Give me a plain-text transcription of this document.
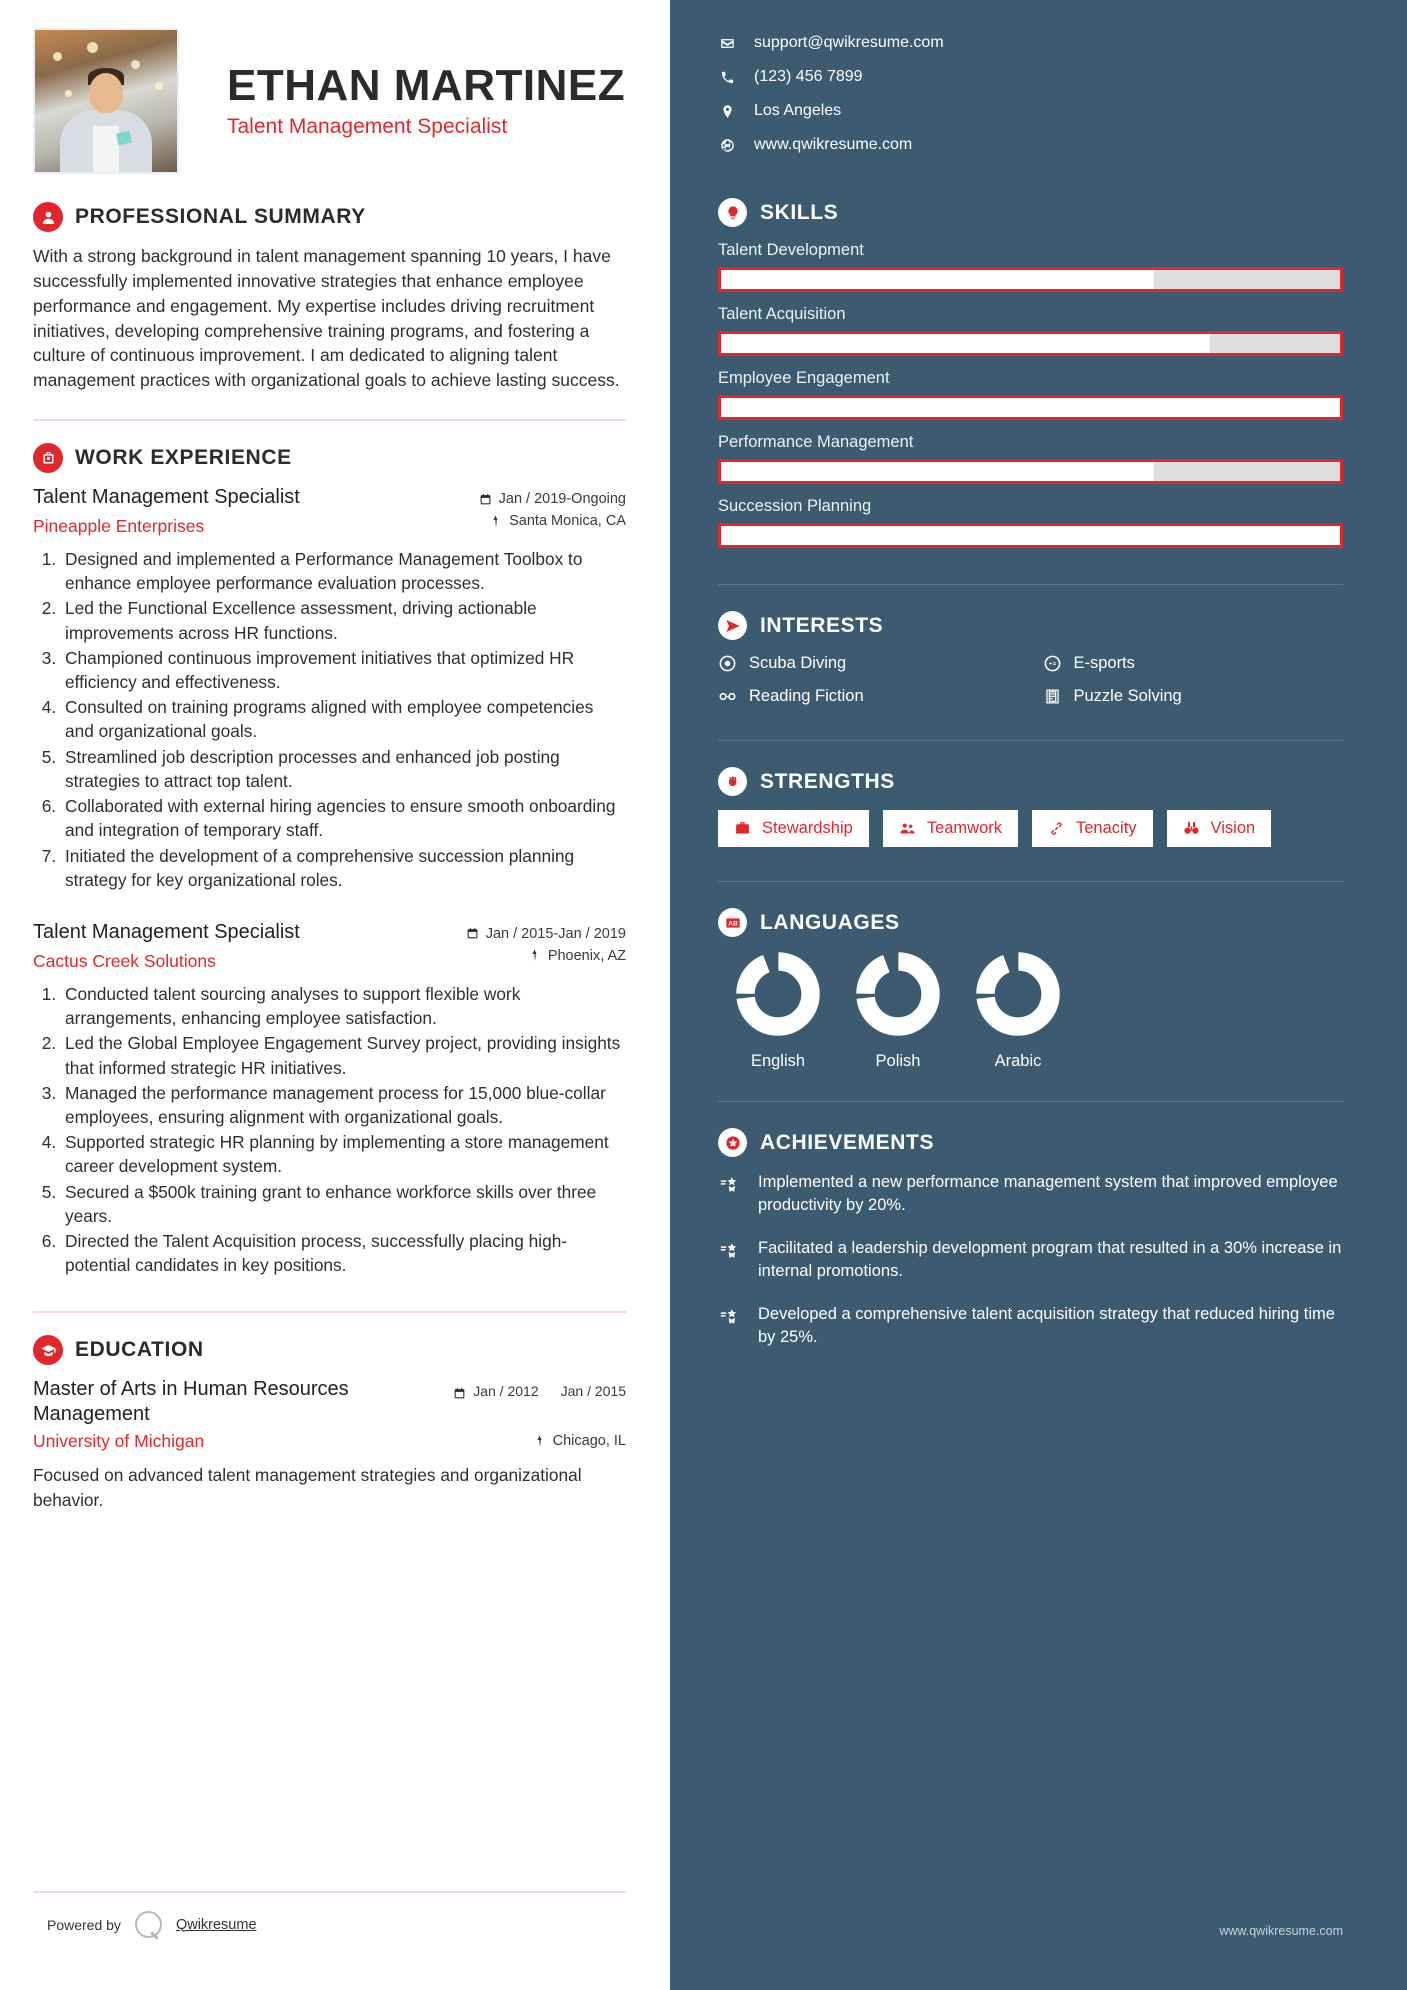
ETHAN MARTINEZ
Talent Management Specialist
PROFESSIONAL SUMMARY
With a strong background in talent management spanning 10 years, I have successfully implemented innovative strategies that enhance employee performance and engagement. My expertise includes driving recruitment initiatives, developing comprehensive training programs, and fostering a culture of continuous improvement. I am dedicated to aligning talent management practices with organizational goals to achieve lasting success.
WORK EXPERIENCE
Talent Management Specialist
Pineapple Enterprises
Jan / 2019-Ongoing
Santa Monica, CA
1. Designed and implemented a Performance Management Toolbox to enhance employee performance evaluation processes.
2. Led the Functional Excellence assessment, driving actionable improvements across HR functions.
3. Championed continuous improvement initiatives that optimized HR efficiency and effectiveness.
4. Consulted on training programs aligned with employee competencies and organizational goals.
5. Streamlined job description processes and enhanced job posting strategies to attract top talent.
6. Collaborated with external hiring agencies to ensure smooth onboarding and integration of temporary staff.
7. Initiated the development of a comprehensive succession planning strategy for key organizational roles.
Talent Management Specialist
Cactus Creek Solutions
Jan / 2015-Jan / 2019
Phoenix, AZ
1. Conducted talent sourcing analyses to support flexible work arrangements, enhancing employee satisfaction.
2. Led the Global Employee Engagement Survey project, providing insights that informed strategic HR initiatives.
3. Managed the performance management process for 15,000 blue-collar employees, ensuring alignment with organizational goals.
4. Supported strategic HR planning by implementing a store management career development system.
5. Secured a $500k training grant to enhance workforce skills over three years.
6. Directed the Talent Acquisition process, successfully placing high-potential candidates in key positions.
EDUCATION
Master of Arts in Human Resources Management
Jan / 2012 Jan / 2015
University of Michigan	Chicago, IL
Focused on advanced talent management strategies and organizational behavior.
Powered by	Qwikresume
support@qwikresume.com
(123) 456 7899
Los Angeles
www.qwikresume.com
SKILLS
Talent Development
Talent Acquisition
Employee Engagement
Performance Management
Succession Planning
INTERESTS
Scuba Diving	E-sports
Reading Fiction	Puzzle Solving
STRENGTHS
Stewardship	Teamwork	Tenacity	Vision
AB LANGUAGES
English	Polish	Arabic
ACHIEVEMENTS
Implemented a new performance management system that improved employee productivity by 20%.
Facilitated a leadership development program that resulted in a 30% increase in internal promotions.
Developed a comprehensive talent acquisition strategy that reduced hiring time by 25%.
www.qwikresume.com
